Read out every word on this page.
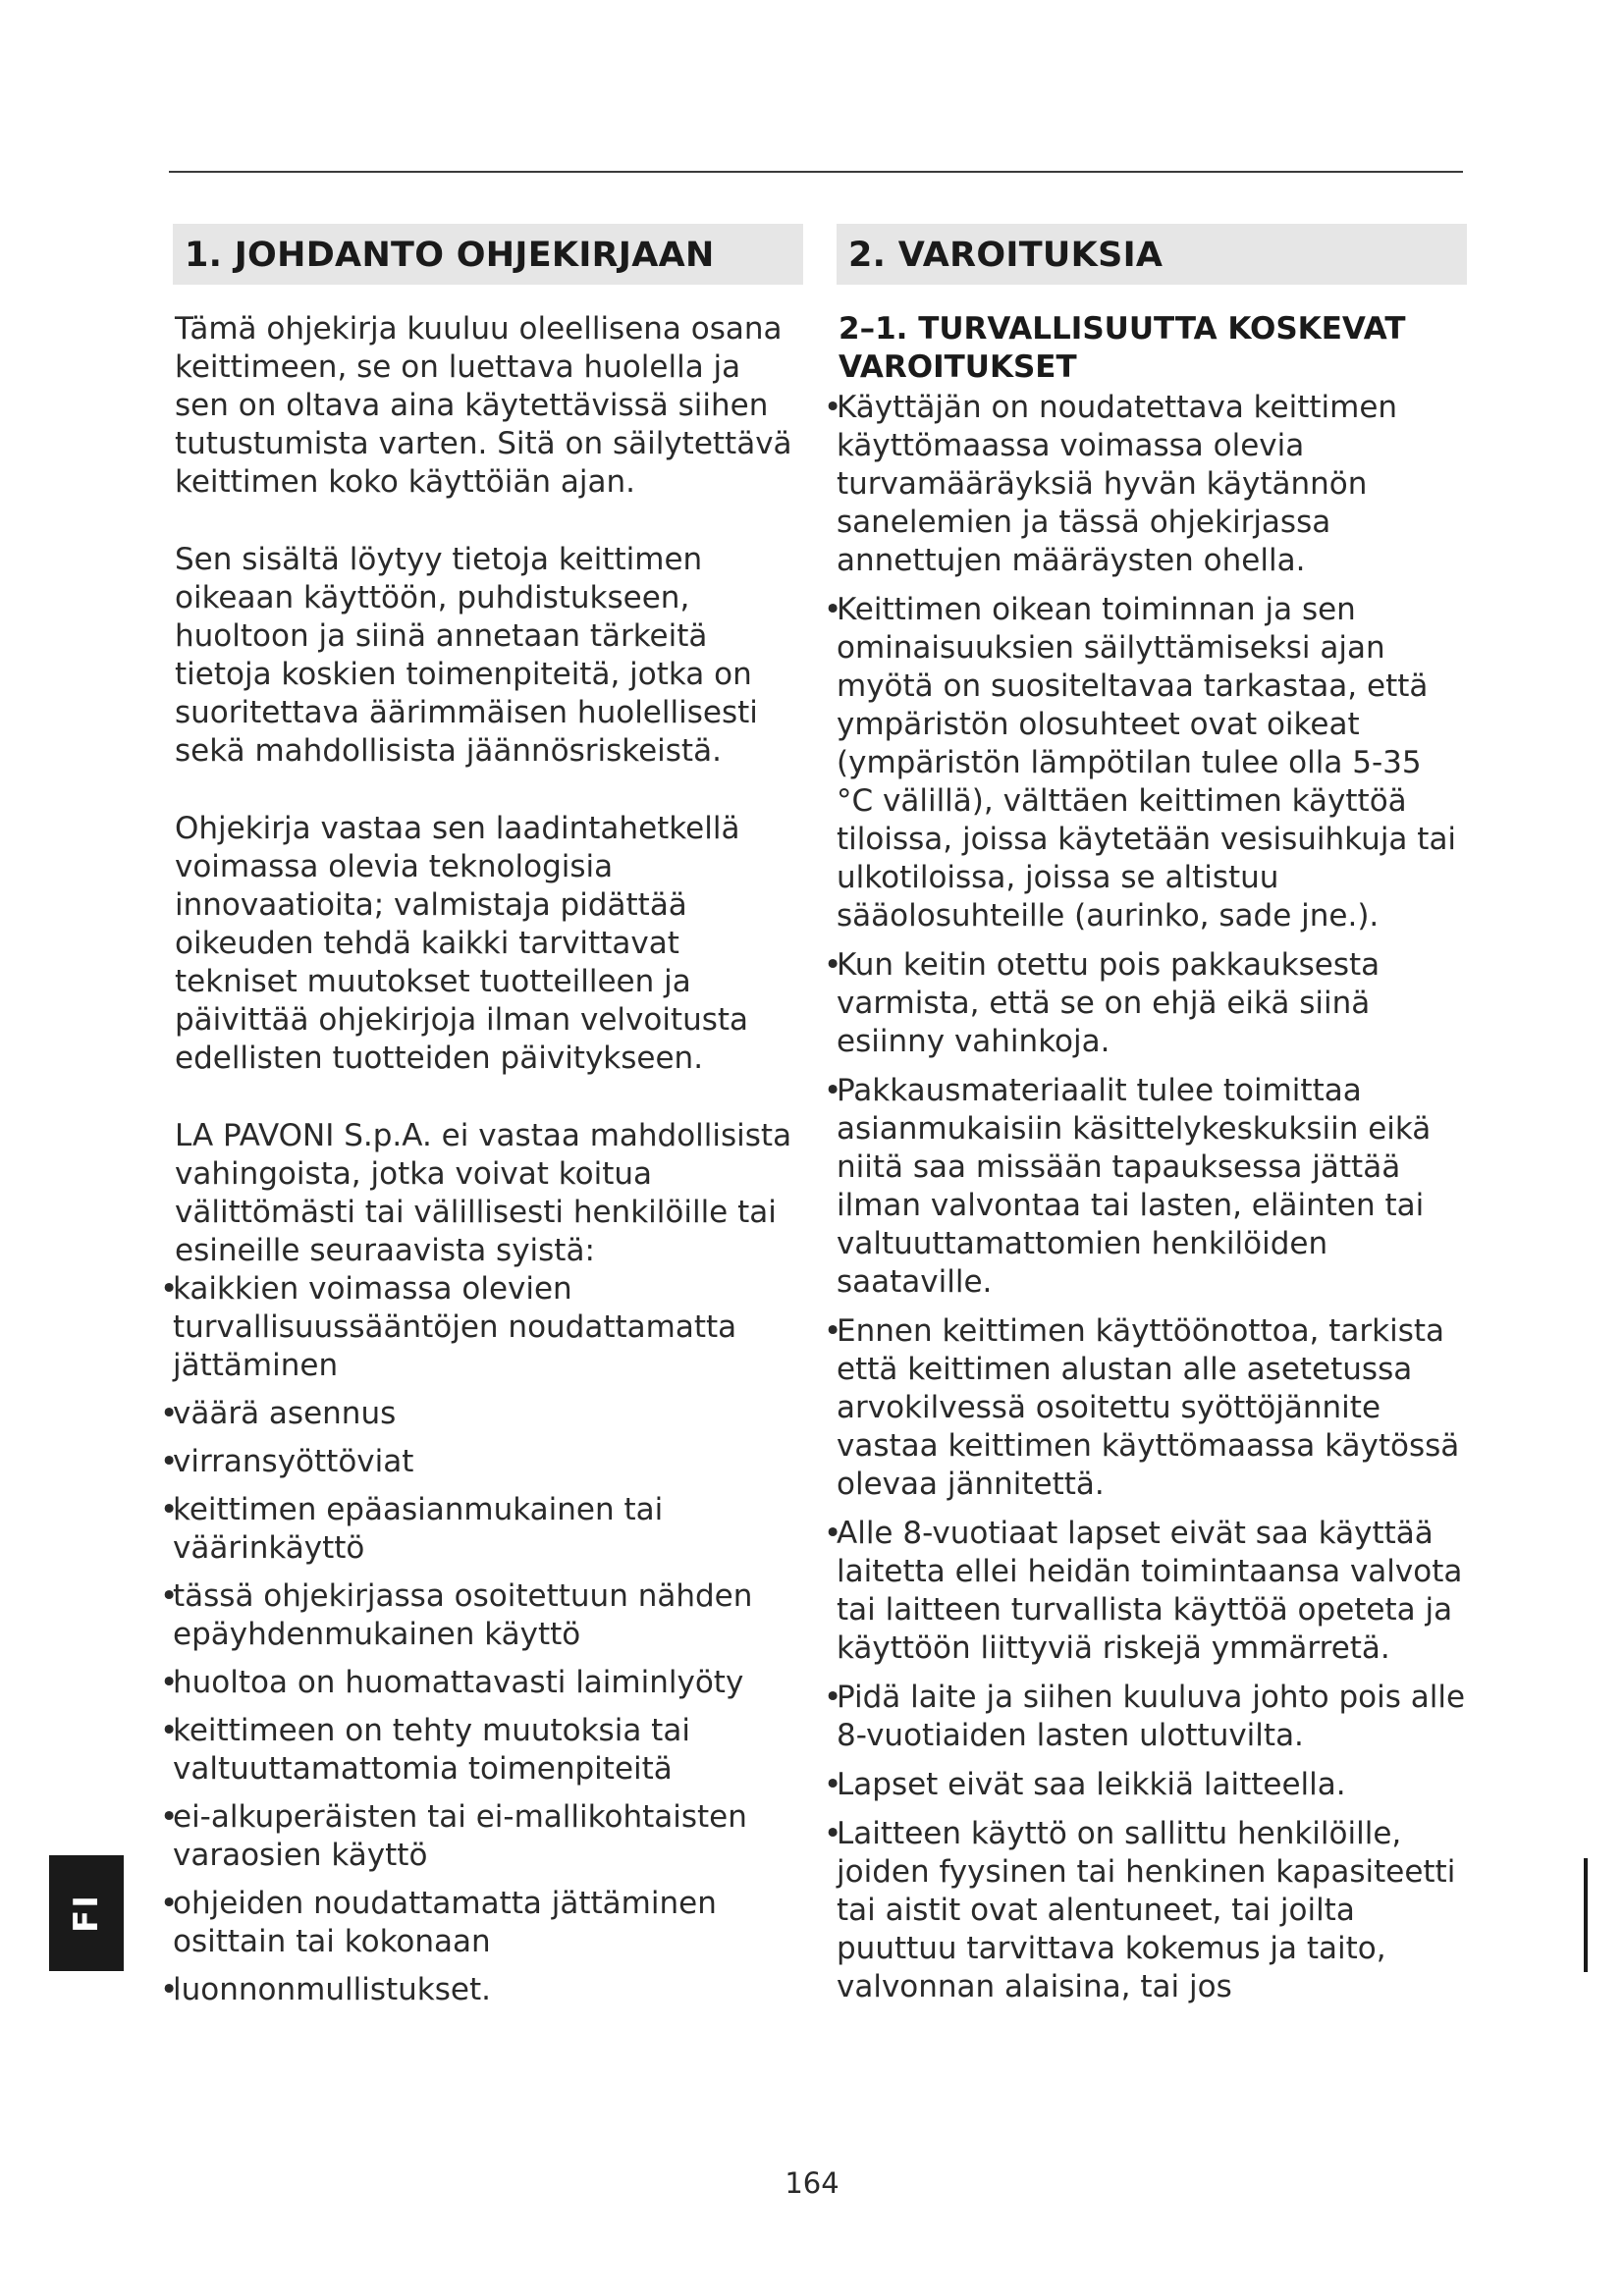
1. JOHDANTO OHJEKIRJAAN

Tämä ohjekirja kuuluu oleellisena osana keittimeen, se on luettava huolella ja sen on oltava aina käytettävissä siihen tutustumista varten. Sitä on säilytettävä keittimen koko käyttöiän ajan.

Sen sisältä löytyy tietoja keittimen oikeaan käyttöön, puhdistukseen, huoltoon ja siinä annetaan tärkeitä tietoja koskien toimenpiteitä, jotka on suoritettava äärimmäisen huolellisesti sekä mahdollisista jäännösriskeistä.

Ohjekirja vastaa sen laadintahetkellä voimassa olevia teknologisia innovaatioita; valmistaja pidättää oikeuden tehdä kaikki tarvittavat tekniset muutokset tuotteilleen ja päivittää ohjekirjoja ilman velvoitusta edellisten tuotteiden päivitykseen.

LA PAVONI S.p.A. ei vastaa mahdollisista vahingoista, jotka voivat koitua välittömästi tai välillisesti henkilöille tai esineille seuraavista syistä:

•
kaikkien voimassa olevien turvallisuussääntöjen noudattamatta jättäminen
•
väärä asennus
•
virransyöttöviat
•
keittimen epäasianmukainen tai väärinkäyttö
•
tässä ohjekirjassa osoitettuun nähden epäyhdenmukainen käyttö
•
huoltoa on huomattavasti laiminlyöty
•
keittimeen on tehty muutoksia tai valtuuttamattomia toimenpiteitä
•
ei-alkuperäisten tai ei-mallikohtaisten varaosien käyttö
•
ohjeiden noudattamatta jättäminen osittain tai kokonaan
•
luonnonmullistukset.
2. VAROITUKSIA
2–1. TURVALLISUUTTA KOSKEVAT VAROITUKSET
•
Käyttäjän on noudatettava keittimen käyttömaassa voimassa olevia turvamääräyksiä hyvän käytännön sanelemien ja tässä ohjekirjassa annettujen määräysten ohella.
•
Keittimen oikean toiminnan ja sen ominaisuuksien säilyttämiseksi ajan myötä on suositeltavaa tarkastaa, että ympäristön olosuhteet ovat oikeat (ympäristön lämpötilan tulee olla 5-35 °C välillä), välttäen keittimen käyttöä tiloissa, joissa käytetään vesisuihkuja tai ulkotiloissa, joissa se altistuu sääolosuhteille (aurinko, sade jne.).
•
Kun keitin otettu pois pakkauksesta varmista, että se on ehjä eikä siinä esiinny vahinkoja.
•
Pakkausmateriaalit tulee toimittaa asianmukaisiin käsittelykeskuksiin eikä niitä saa missään tapauksessa jättää ilman valvontaa tai lasten, eläinten tai valtuuttamattomien henkilöiden saataville.
•
Ennen keittimen käyttöönottoa, tarkista että keittimen alustan alle asetetussa arvokilvessä osoitettu syöttöjännite vastaa keittimen käyttömaassa käytössä olevaa jännitettä.
•
Alle 8-vuotiaat lapset eivät saa käyttää laitetta ellei heidän toimintaansa valvota tai laitteen turvallista käyttöä opeteta ja käyttöön liittyviä riskejä ymmärretä.
•
Pidä laite ja siihen kuuluva johto pois alle 8-vuotiaiden lasten ulottuvilta.
•
Lapset eivät saa leikkiä laitteella.
•
Laitteen käyttö on sallittu henkilöille, joiden fyysinen tai henkinen kapasiteetti tai aistit ovat alentuneet, tai joilta puuttuu tarvittava kokemus ja taito, valvonnan alaisina, tai jos
FI
164
